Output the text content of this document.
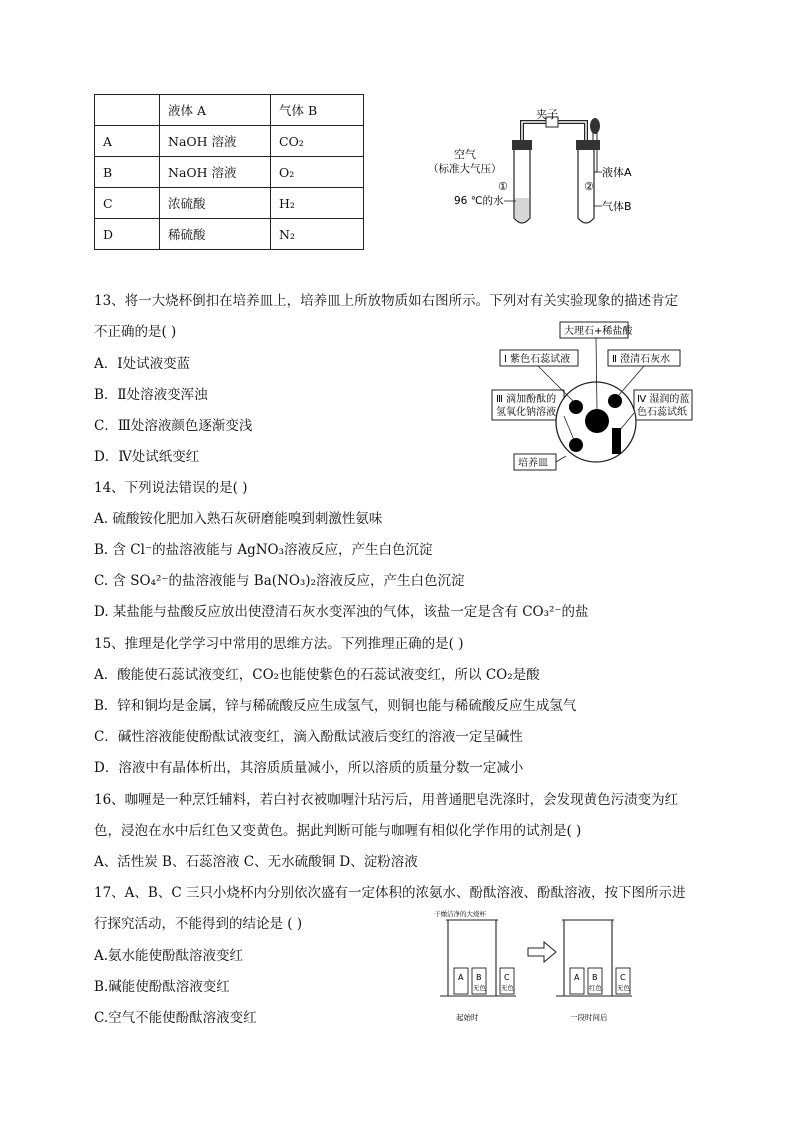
	液体 A	气体 B
A	NaOH 溶液	CO₂
B	NaOH 溶液	O₂
C	浓硫酸	H₂
D	稀硫酸	N₂
夹子
空气
（标准大气压）
①	②
96 ℃的水
液体A
气体B
13、将一大烧杯倒扣在培养皿上，培养皿上所放物质如右图所示。下列对有关实验现象的描述肯定
不正确的是( )
A．Ⅰ处试液变蓝
B．Ⅱ处溶液变浑浊
C．Ⅲ处溶液颜色逐渐变浅
D．Ⅳ处试纸变红
大理石+稀盐酸
Ⅰ 紫色石蕊试液	Ⅱ 澄清石灰水
Ⅲ 滴加酚酞的
氢氧化钠溶液
Ⅳ 湿润的蓝
色石蕊试纸
培养皿
14、下列说法错误的是( )
A. 硫酸铵化肥加入熟石灰研磨能嗅到刺激性氨味
B. 含 Cl⁻的盐溶液能与 AgNO₃溶液反应，产生白色沉淀
C. 含 SO₄²⁻的盐溶液能与 Ba(NO₃)₂溶液反应，产生白色沉淀
D. 某盐能与盐酸反应放出使澄清石灰水变浑浊的气体，该盐一定是含有 CO₃²⁻的盐
15、推理是化学学习中常用的思维方法。下列推理正确的是( )
A．酸能使石蕊试液变红，CO₂也能使紫色的石蕊试液变红，所以 CO₂是酸
B．锌和铜均是金属，锌与稀硫酸反应生成氢气，则铜也能与稀硫酸反应生成氢气
C．碱性溶液能使酚酞试液变红，滴入酚酞试液后变红的溶液一定呈碱性
D．溶液中有晶体析出，其溶质质量减小，所以溶质的质量分数一定减小
16、咖喱是一种烹饪辅料，若白衬衣被咖喱汁玷污后，用普通肥皂洗涤时，会发现黄色污渍变为红
色，浸泡在水中后红色又变黄色。据此判断可能与咖喱有相似化学作用的试剂是( )
A、活性炭 B、石蕊溶液 C、无水硫酸铜 D、淀粉溶液
17、A、B、C 三只小烧杯内分别依次盛有一定体积的浓氨水、酚酞溶液、酚酞溶液，按下图所示进
行探究活动，不能得到的结论是 ( )
A.氨水能使酚酞溶液变红
B.碱能使酚酞溶液变红
C.空气不能使酚酞溶液变红
干燥洁净的大烧杯
A B	C
无色 无色
A B	C
红色 无色
起始时	一段时间后
